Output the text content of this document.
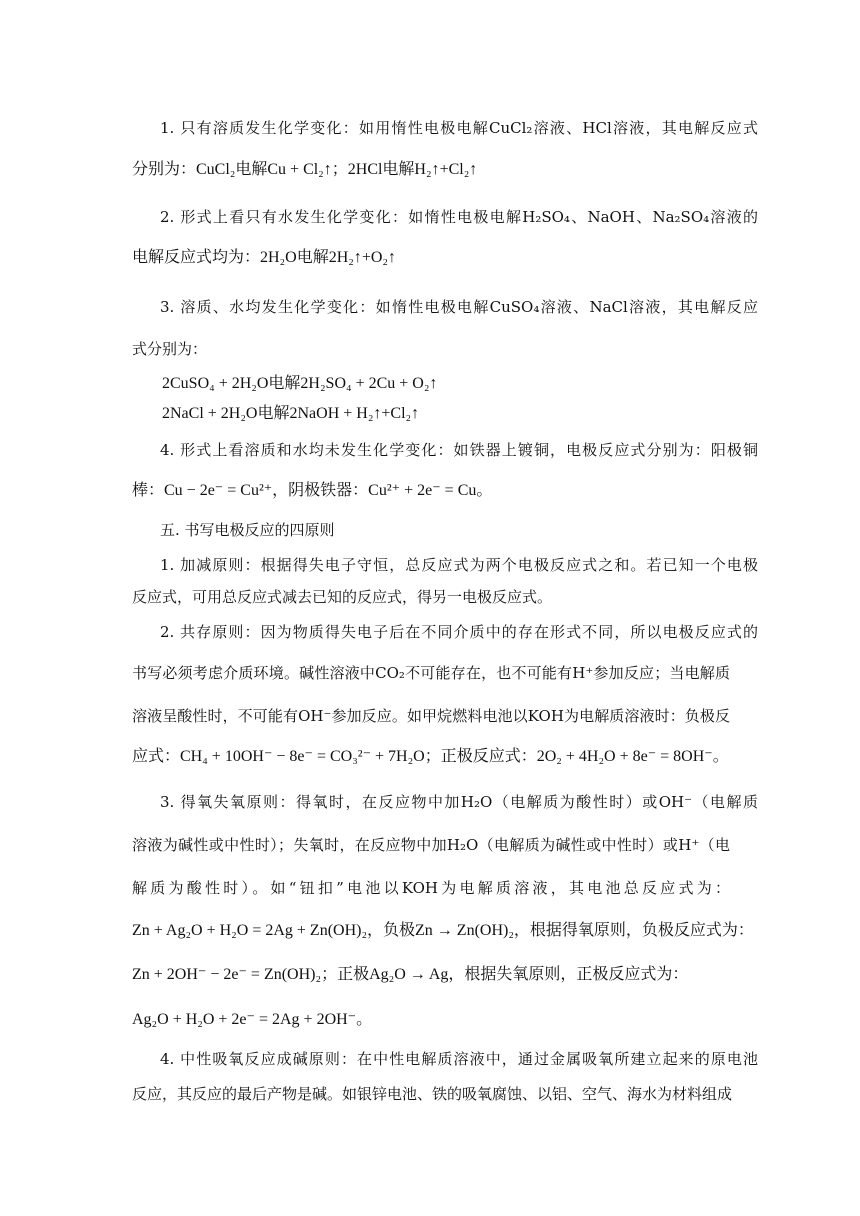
1. 只有溶质发生化学变化：如用惰性电极电解CuCl₂溶液、HCl溶液，其电解反应式
分别为：CuCl₂电解Cu + Cl₂↑；2HCl电解H₂↑+Cl₂↑
2. 形式上看只有水发生化学变化：如惰性电极电解H₂SO₄、NaOH、Na₂SO₄溶液的
电解反应式均为：2H₂O电解2H₂↑+O₂↑
3. 溶质、水均发生化学变化：如惰性电极电解CuSO₄溶液、NaCl溶液，其电解反应
式分别为：
2CuSO₄ + 2H₂O电解2H₂SO₄ + 2Cu + O₂↑
2NaCl + 2H₂O电解2NaOH + H₂↑+Cl₂↑
4. 形式上看溶质和水均未发生化学变化：如铁器上镀铜，电极反应式分别为：阳极铜
棒：Cu − 2e⁻ = Cu²⁺，阴极铁器：Cu²⁺ + 2e⁻ = Cu。
五. 书写电极反应的四原则
1. 加减原则：根据得失电子守恒，总反应式为两个电极反应式之和。若已知一个电极
反应式，可用总反应式减去已知的反应式，得另一电极反应式。
2. 共存原则：因为物质得失电子后在不同介质中的存在形式不同，所以电极反应式的
书写必须考虑介质环境。碱性溶液中CO₂不可能存在，也不可能有H⁺参加反应；当电解质
溶液呈酸性时，不可能有OH⁻参加反应。如甲烷燃料电池以KOH为电解质溶液时：负极反
应式：CH₄ + 10OH⁻ − 8e⁻ = CO₃²⁻ + 7H₂O；正极反应式：2O₂ + 4H₂O + 8e⁻ = 8OH⁻。
3. 得氧失氧原则：得氧时，在反应物中加H₂O（电解质为酸性时）或OH⁻（电解质
溶液为碱性或中性时）；失氧时，在反应物中加H₂O（电解质为碱性或中性时）或H⁺（电
解质为酸性时）。如“钮扣”电池以KOH为电解质溶液，其电池总反应式为：
Zn + Ag₂O + H₂O = 2Ag + Zn(OH)₂，负极Zn → Zn(OH)₂，根据得氧原则，负极反应式为：
Zn + 2OH⁻ − 2e⁻ = Zn(OH)₂；正极Ag₂O → Ag，根据失氧原则，正极反应式为：
Ag₂O + H₂O + 2e⁻ = 2Ag + 2OH⁻。
4. 中性吸氧反应成碱原则：在中性电解质溶液中，通过金属吸氧所建立起来的原电池
反应，其反应的最后产物是碱。如银锌电池、铁的吸氧腐蚀、以铝、空气、海水为材料组成
